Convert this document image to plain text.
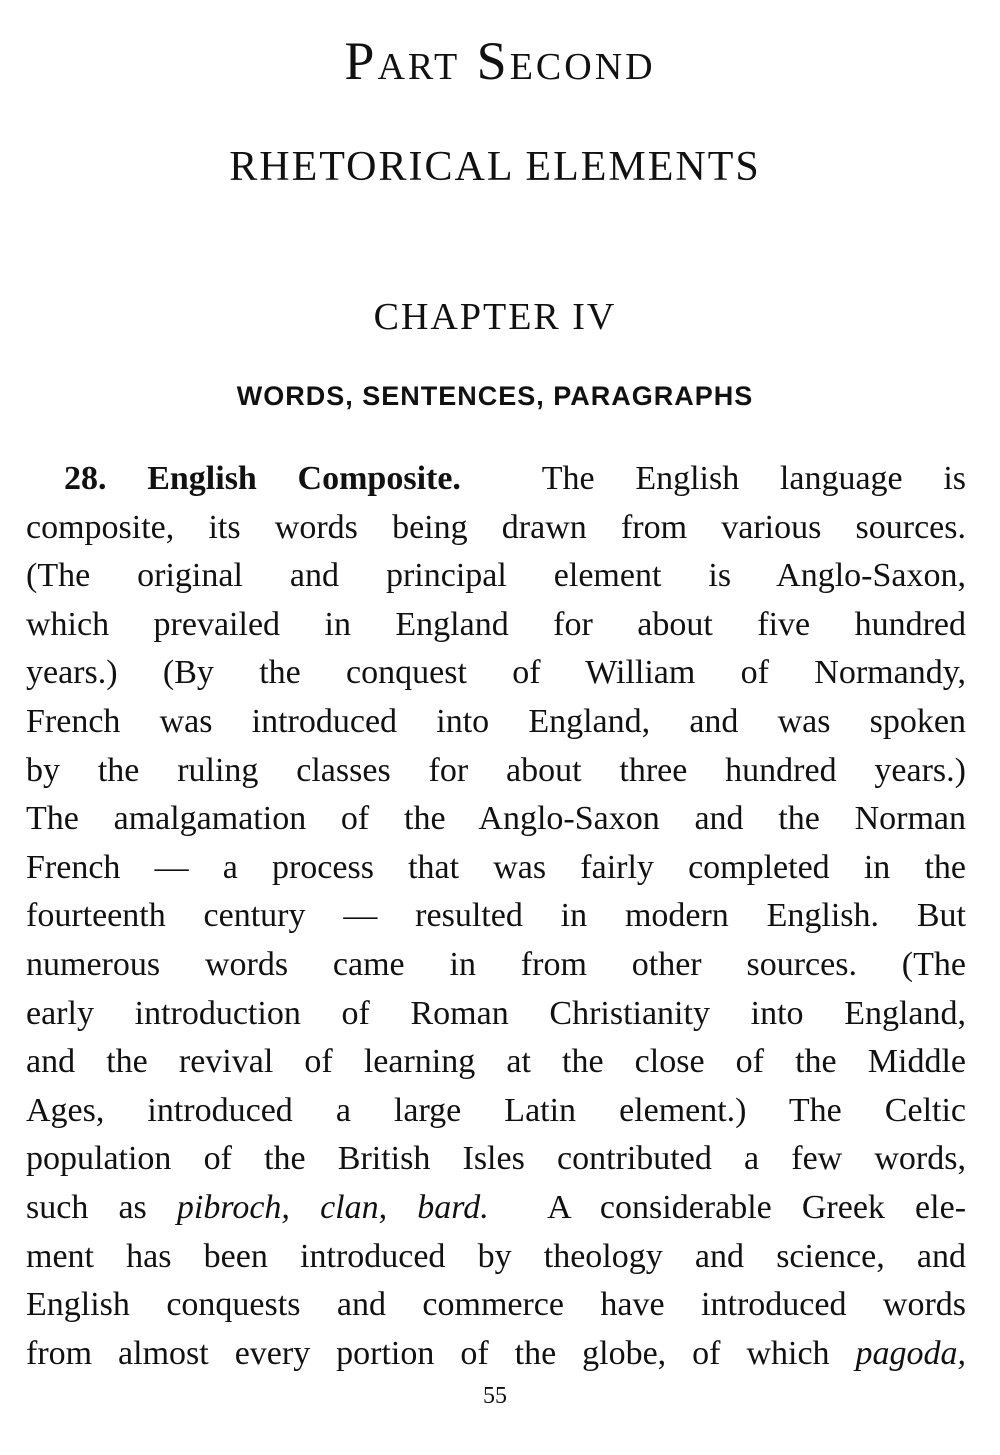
Part Second
RHETORICAL ELEMENTS
CHAPTER IV
WORDS, SENTENCES, PARAGRAPHS
28. English Composite. The English language is
composite, its words being drawn from various sources.
(The original and principal element is Anglo-Saxon,
which prevailed in England for about five hundred
years.) (By the conquest of William of Normandy,
French was introduced into England, and was spoken
by the ruling classes for about three hundred years.)
The amalgamation of the Anglo-Saxon and the Norman
French — a process that was fairly completed in the
fourteenth century — resulted in modern English. But
numerous words came in from other sources. (The
early introduction of Roman Christianity into England,
and the revival of learning at the close of the Middle
Ages, introduced a large Latin element.) The Celtic
population of the British Isles contributed a few words,
such as pibroch, clan, bard. A considerable Greek ele-
ment has been introduced by theology and science, and
English conquests and commerce have introduced words
from almost every portion of the globe, of which pagoda,
55
